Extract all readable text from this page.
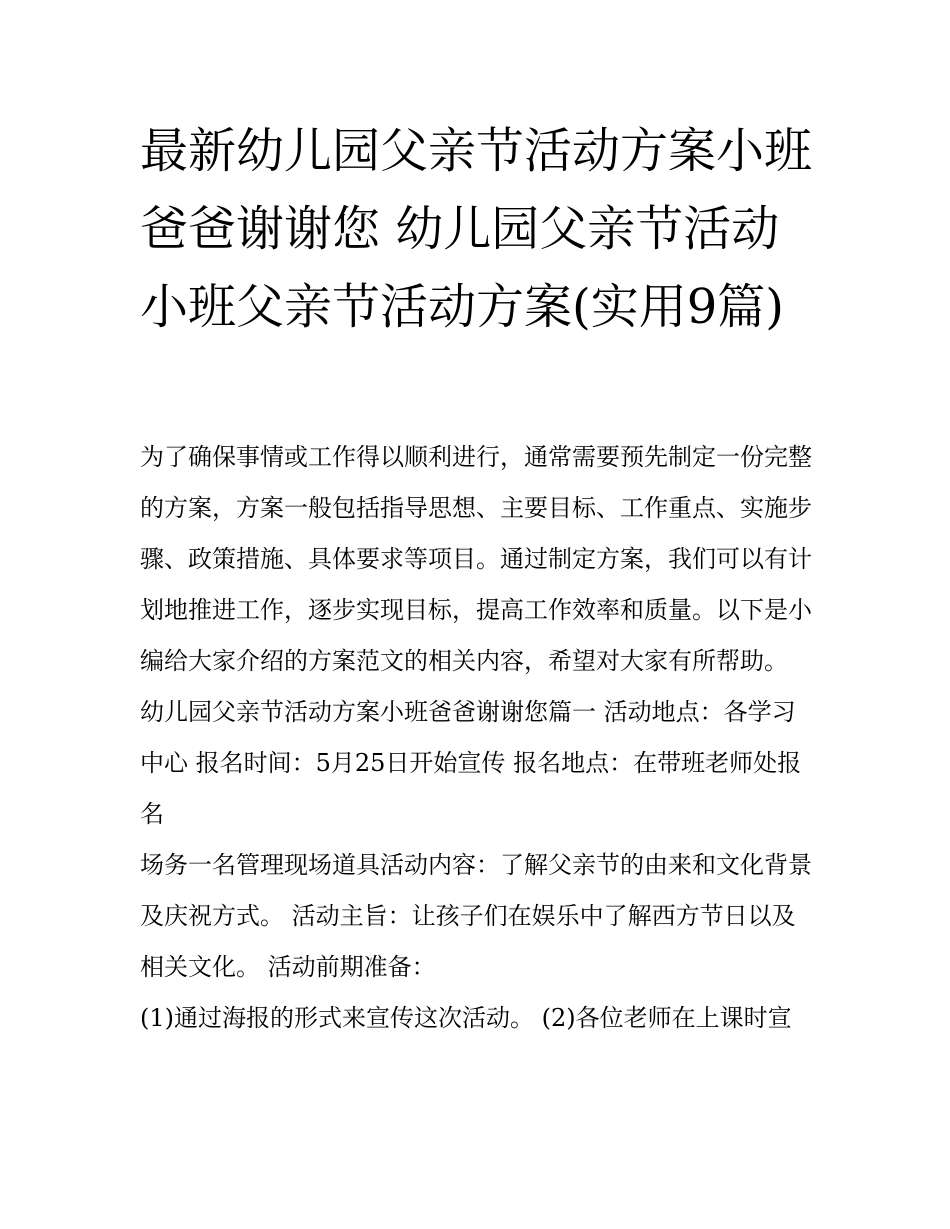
最新幼儿园父亲节活动方案小班爸爸谢谢您 幼儿园父亲节活动小班父亲节活动方案(实用9篇)

为了确保事情或工作得以顺利进行，通常需要预先制定一份完整的方案，方案一般包括指导思想、主要目标、工作重点、实施步骤、政策措施、具体要求等项目。通过制定方案，我们可以有计划地推进工作，逐步实现目标，提高工作效率和质量。以下是小编给大家介绍的方案范文的相关内容，希望对大家有所帮助。

幼儿园父亲节活动方案小班爸爸谢谢您篇一 活动地点：各学习中心 报名时间：5月25日开始宣传 报名地点：在带班老师处报名

场务一名管理现场道具活动内容：了解父亲节的由来和文化背景及庆祝方式。 活动主旨：让孩子们在娱乐中了解西方节日以及相关文化。 活动前期准备：

(1)通过海报的形式来宣传这次活动。 (2)各位老师在上课时宣
